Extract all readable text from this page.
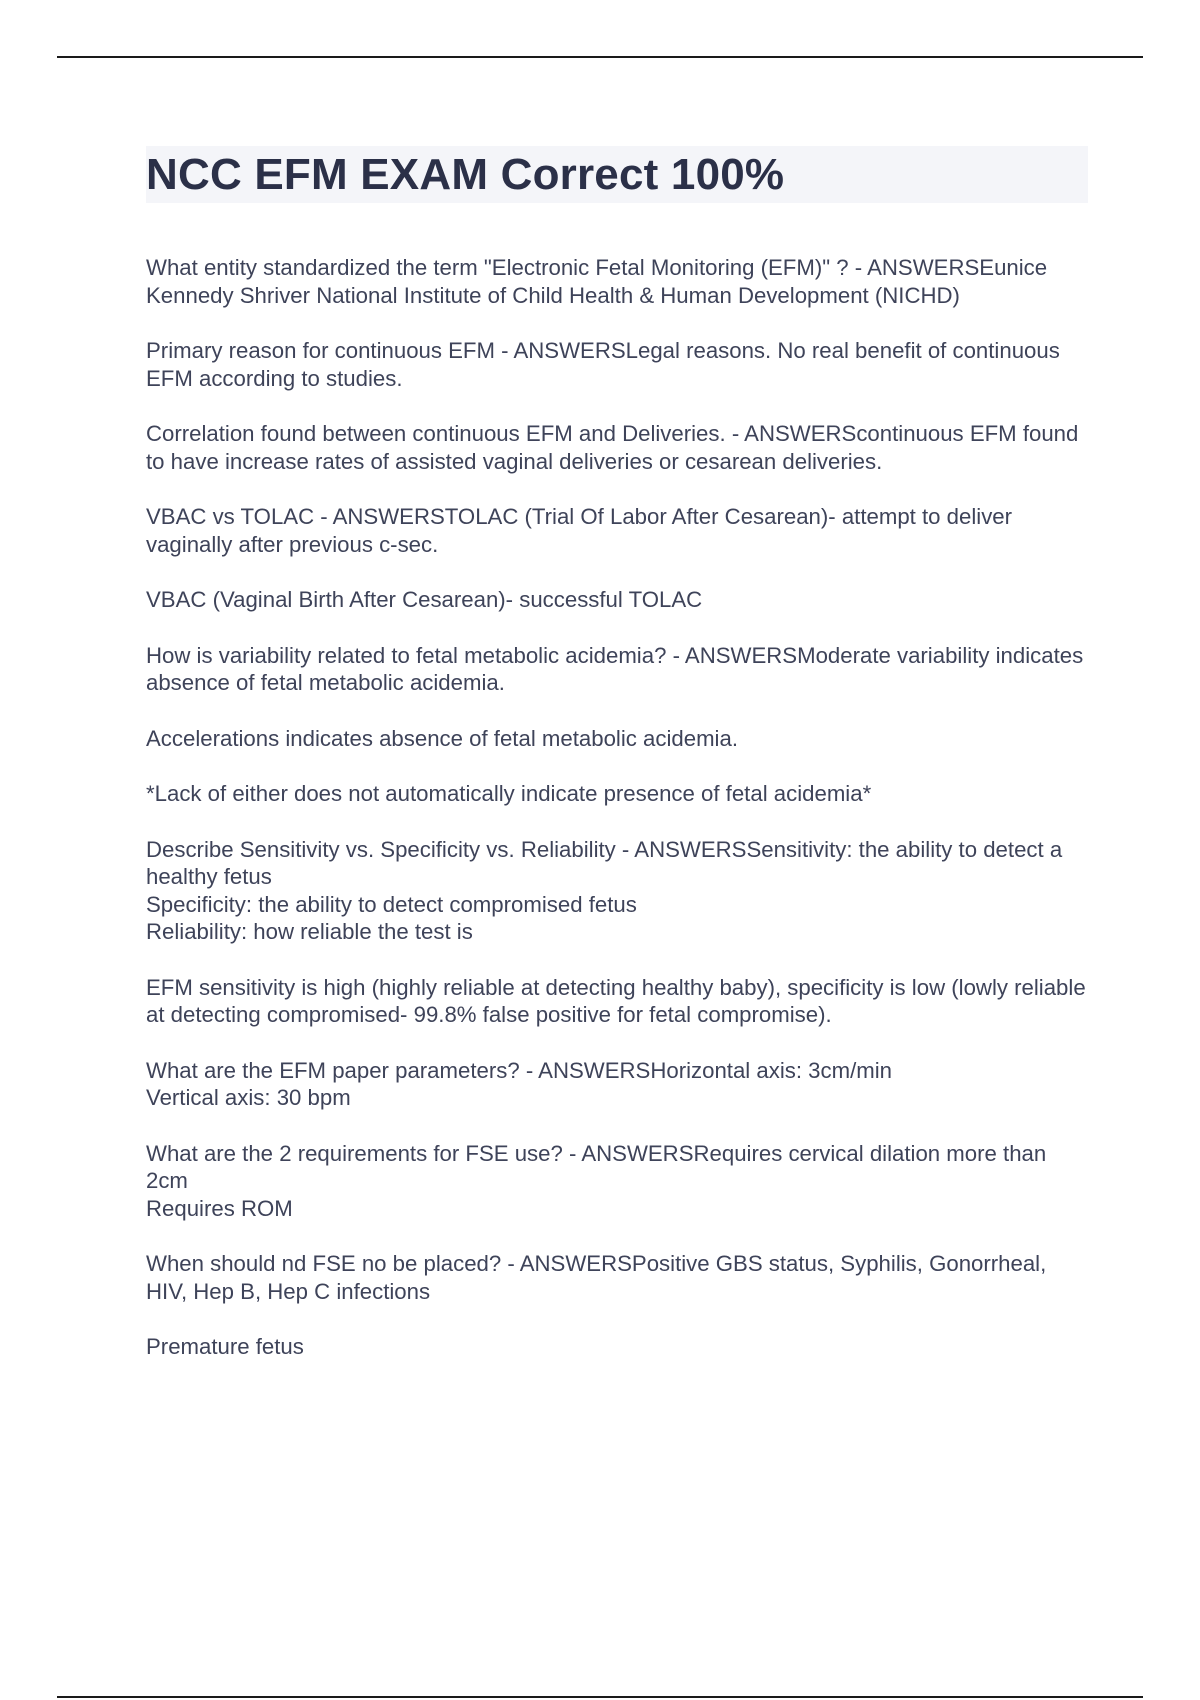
NCC EFM EXAM Correct 100%

What entity standardized the term "Electronic Fetal Monitoring (EFM)" ? - ANSWERSEunice Kennedy Shriver National Institute of Child Health & Human Development (NICHD)

Primary reason for continuous EFM - ANSWERSLegal reasons. No real benefit of continuous EFM according to studies.

Correlation found between continuous EFM and Deliveries. - ANSWERScontinuous EFM found to have increase rates of assisted vaginal deliveries or cesarean deliveries.

VBAC vs TOLAC - ANSWERSTOLAC (Trial Of Labor After Cesarean)- attempt to deliver vaginally after previous c-sec.

VBAC (Vaginal Birth After Cesarean)- successful TOLAC

How is variability related to fetal metabolic acidemia? - ANSWERSModerate variability indicates absence of fetal metabolic acidemia.

Accelerations indicates absence of fetal metabolic acidemia.

*Lack of either does not automatically indicate presence of fetal acidemia*

Describe Sensitivity vs. Specificity vs. Reliability - ANSWERSSensitivity: the ability to detect a healthy fetus
Specificity: the ability to detect compromised fetus
Reliability: how reliable the test is

EFM sensitivity is high (highly reliable at detecting healthy baby), specificity is low (lowly reliable at detecting compromised- 99.8% false positive for fetal compromise).

What are the EFM paper parameters? - ANSWERSHorizontal axis: 3cm/min
Vertical axis: 30 bpm

What are the 2 requirements for FSE use? - ANSWERSRequires cervical dilation more than 2cm
Requires ROM

When should nd FSE no be placed? - ANSWERSPositive GBS status, Syphilis, Gonorrheal, HIV, Hep B, Hep C infections

Premature fetus
